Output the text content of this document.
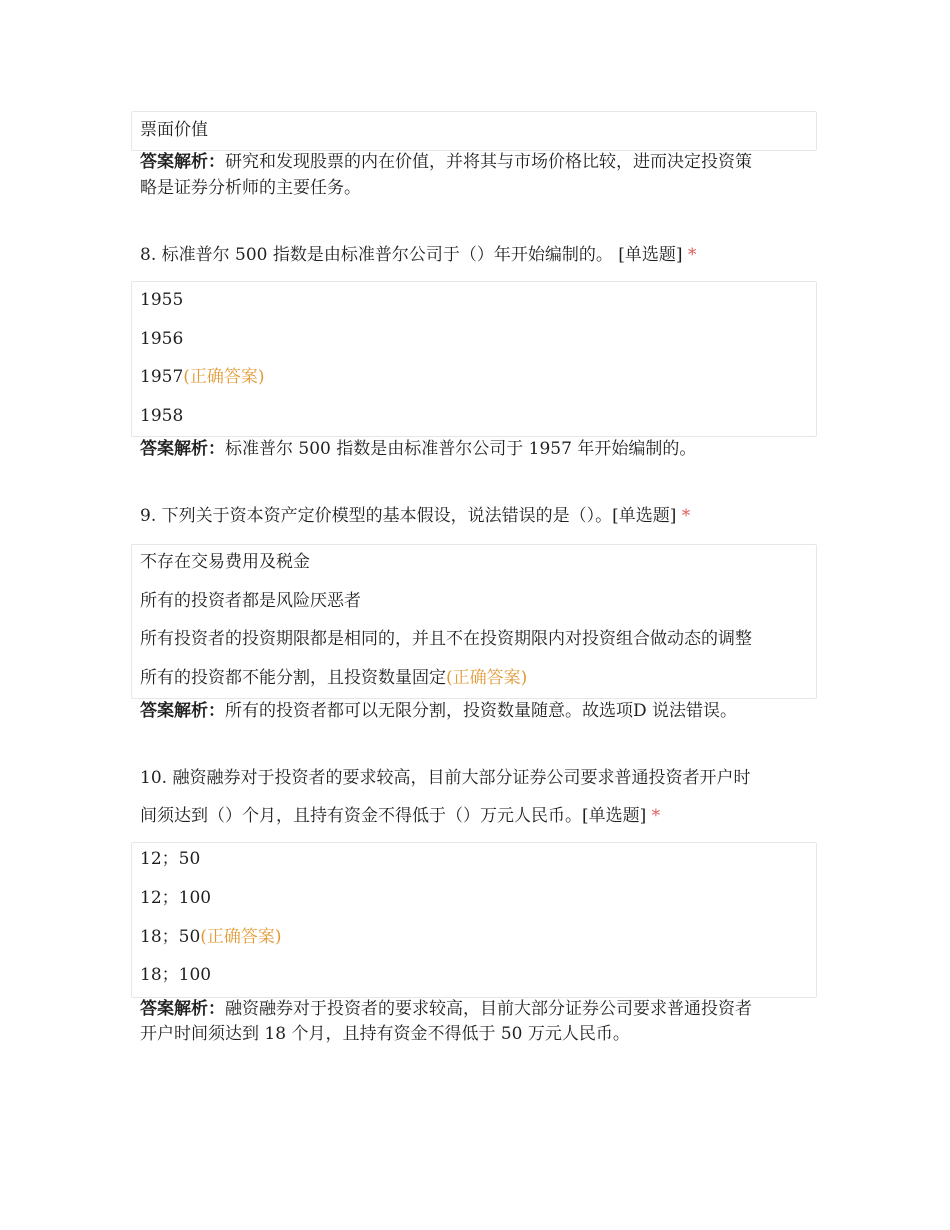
票面价值
答案解析：研究和发现股票的内在价值，并将其与市场价格比较，进而决定投资策
略是证券分析师的主要任务。
8. 标准普尔 500 指数是由标准普尔公司于（）年开始编制的。 [单选题] *
1955
1956
1957(正确答案)
1958
答案解析：标准普尔 500 指数是由标准普尔公司于 1957 年开始编制的。
9. 下列关于资本资产定价模型的基本假设，说法错误的是（）。[单选题] *
不存在交易费用及税金
所有的投资者都是风险厌恶者
所有投资者的投资期限都是相同的，并且不在投资期限内对投资组合做动态的调整
所有的投资都不能分割，且投资数量固定(正确答案)
答案解析：所有的投资者都可以无限分割，投资数量随意。故选项D 说法错误。
10. 融资融券对于投资者的要求较高，目前大部分证券公司要求普通投资者开户时
间须达到（）个月，且持有资金不得低于（）万元人民币。[单选题] *
12；50
12；100
18；50(正确答案)
18；100
答案解析：融资融券对于投资者的要求较高，目前大部分证券公司要求普通投资者
开户时间须达到 18 个月，且持有资金不得低于 50 万元人民币。
